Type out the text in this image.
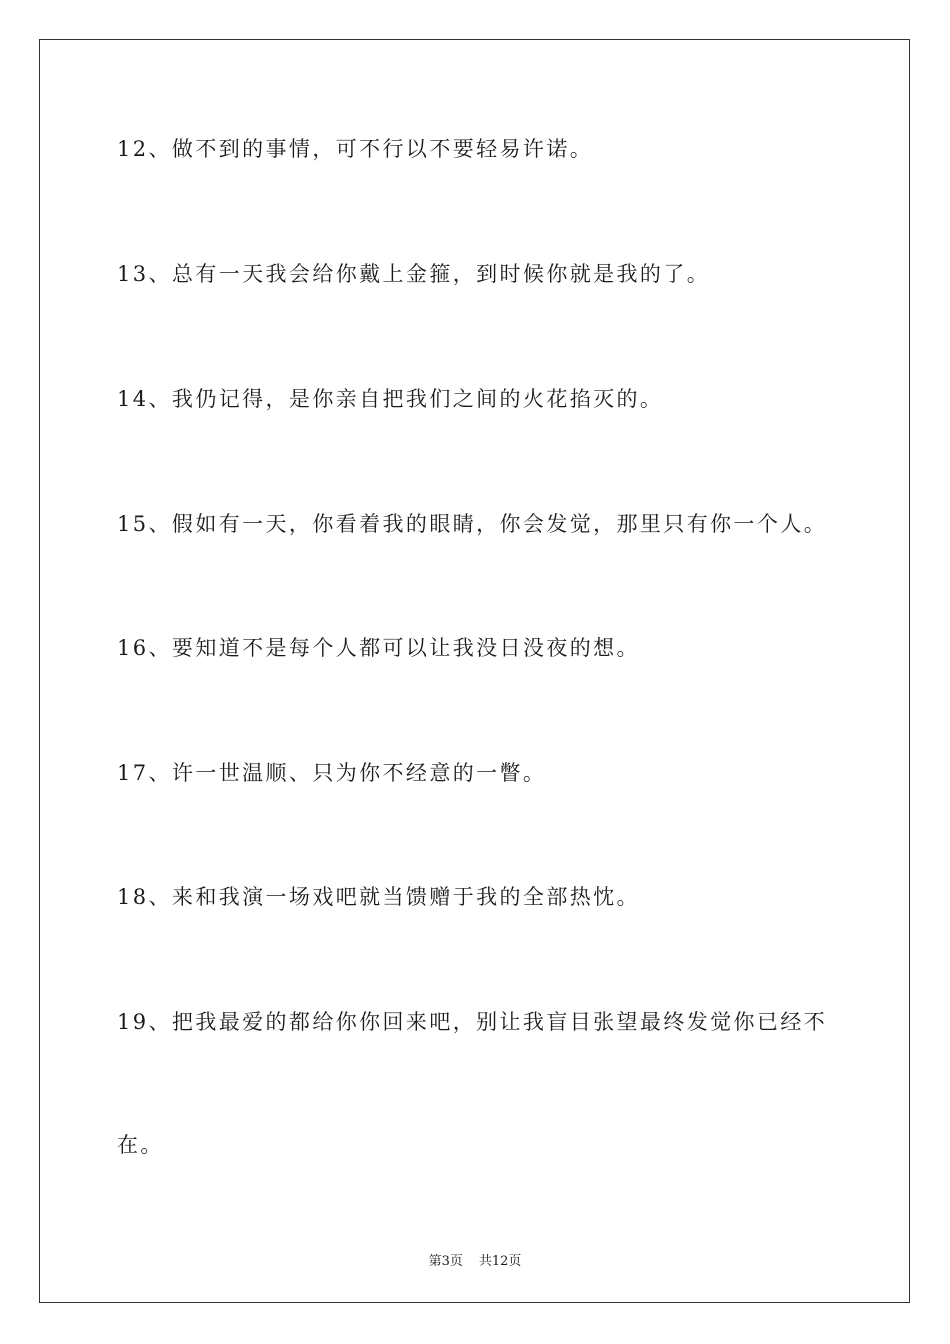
12、做不到的事情，可不行以不要轻易许诺。
13、总有一天我会给你戴上金箍，到时候你就是我的了。
14、我仍记得，是你亲自把我们之间的火花掐灭的。
15、假如有一天，你看着我的眼睛，你会发觉，那里只有你一个人。
16、要知道不是每个人都可以让我没日没夜的想。
17、许一世温顺、只为你不经意的一瞥。
18、来和我演一场戏吧就当馈赠于我的全部热忱。
19、把我最爱的都给你你回来吧，别让我盲目张望最终发觉你已经不
在。
第3页 共12页
